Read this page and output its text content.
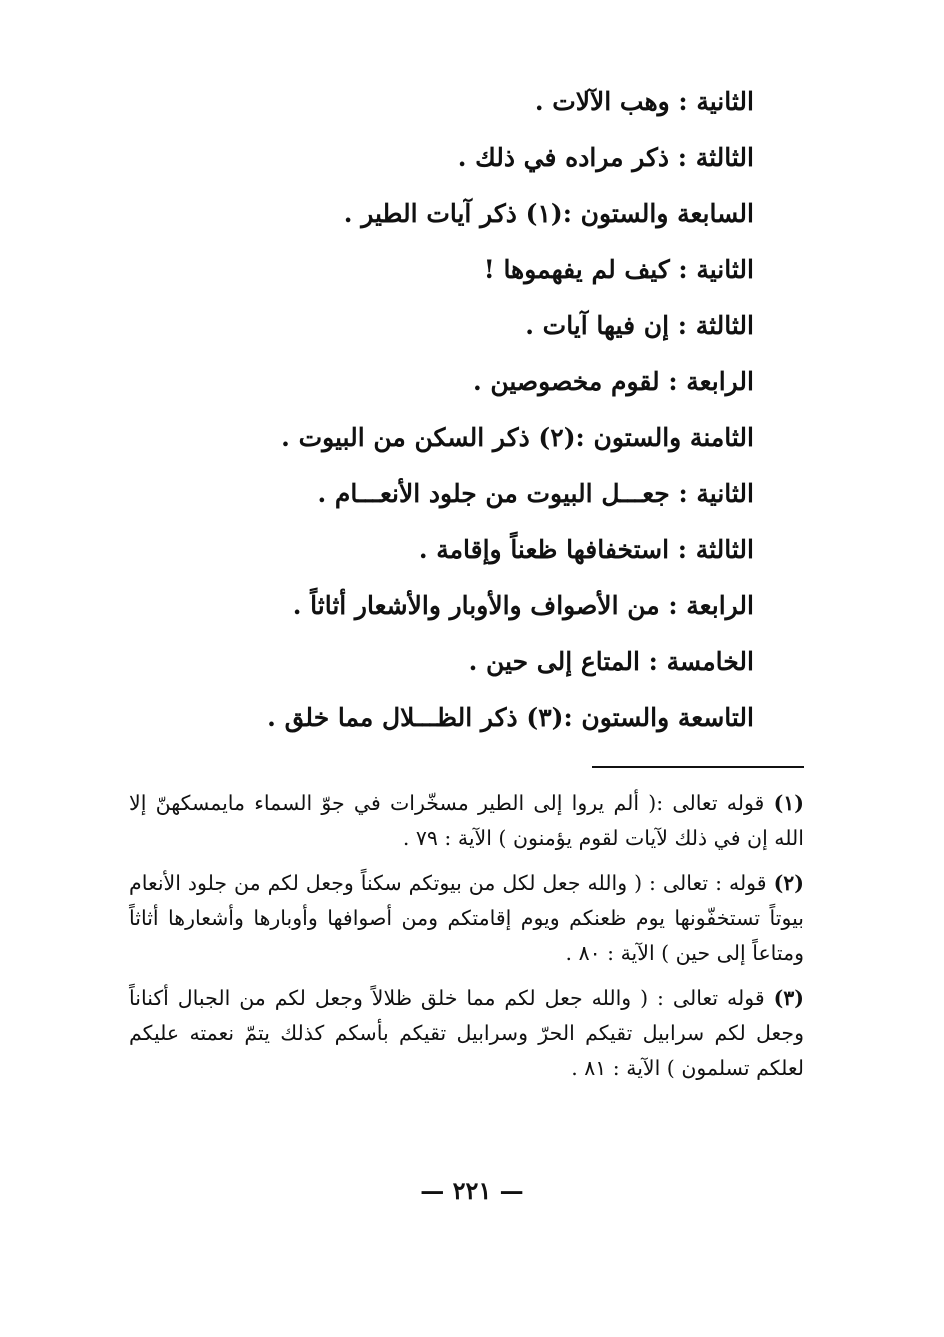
الثانية : وهب الآلات .
الثالثة : ذكر مراده في ذلك .
السابعة والستون :(١) ذكر آيات الطير .
الثانية : كيف لم يفهموها !
الثالثة : إن فيها آيات .
الرابعة : لقوم مخصوصين .
الثامنة والستون :(٢) ذكر السكن من البيوت .
الثانية : جعـــل البيوت من جلود الأنعـــام .
الثالثة : استخفافها ظعناً وإقامة .
الرابعة : من الأصواف والأوبار والأشعار أثاثاً .
الخامسة : المتاع إلى حين .
التاسعة والستون :(٣) ذكر الظـــلال مما خلق .

(١) قوله تعالى :( ألم يروا إلى الطير مسخّرات في جوّ السماء مايمسكهنّ إلا الله إن في ذلك لآيات لقوم يؤمنون ) الآية : ٧٩ .

(٢) قوله : تعالى : ( والله جعل لكل من بيوتكم سكناً وجعل لكم من جلود الأنعام بيوتاً تستخفّونها يوم ظعنكم ويوم إقامتكم ومن أصوافها وأوبارها وأشعارها أثاثاً ومتاعاً إلى حين ) الآية : ٨٠ .

(٣) قوله تعالى : ( والله جعل لكم مما خلق ظلالاً وجعل لكم من الجبال أكناناً وجعل لكم سرابيل تقيكم الحرّ وسرابيل تقيكم بأسكم كذلك يتمّ نعمته عليكم لعلكم تسلمون ) الآية : ٨١ .

— ٢٢١ —
